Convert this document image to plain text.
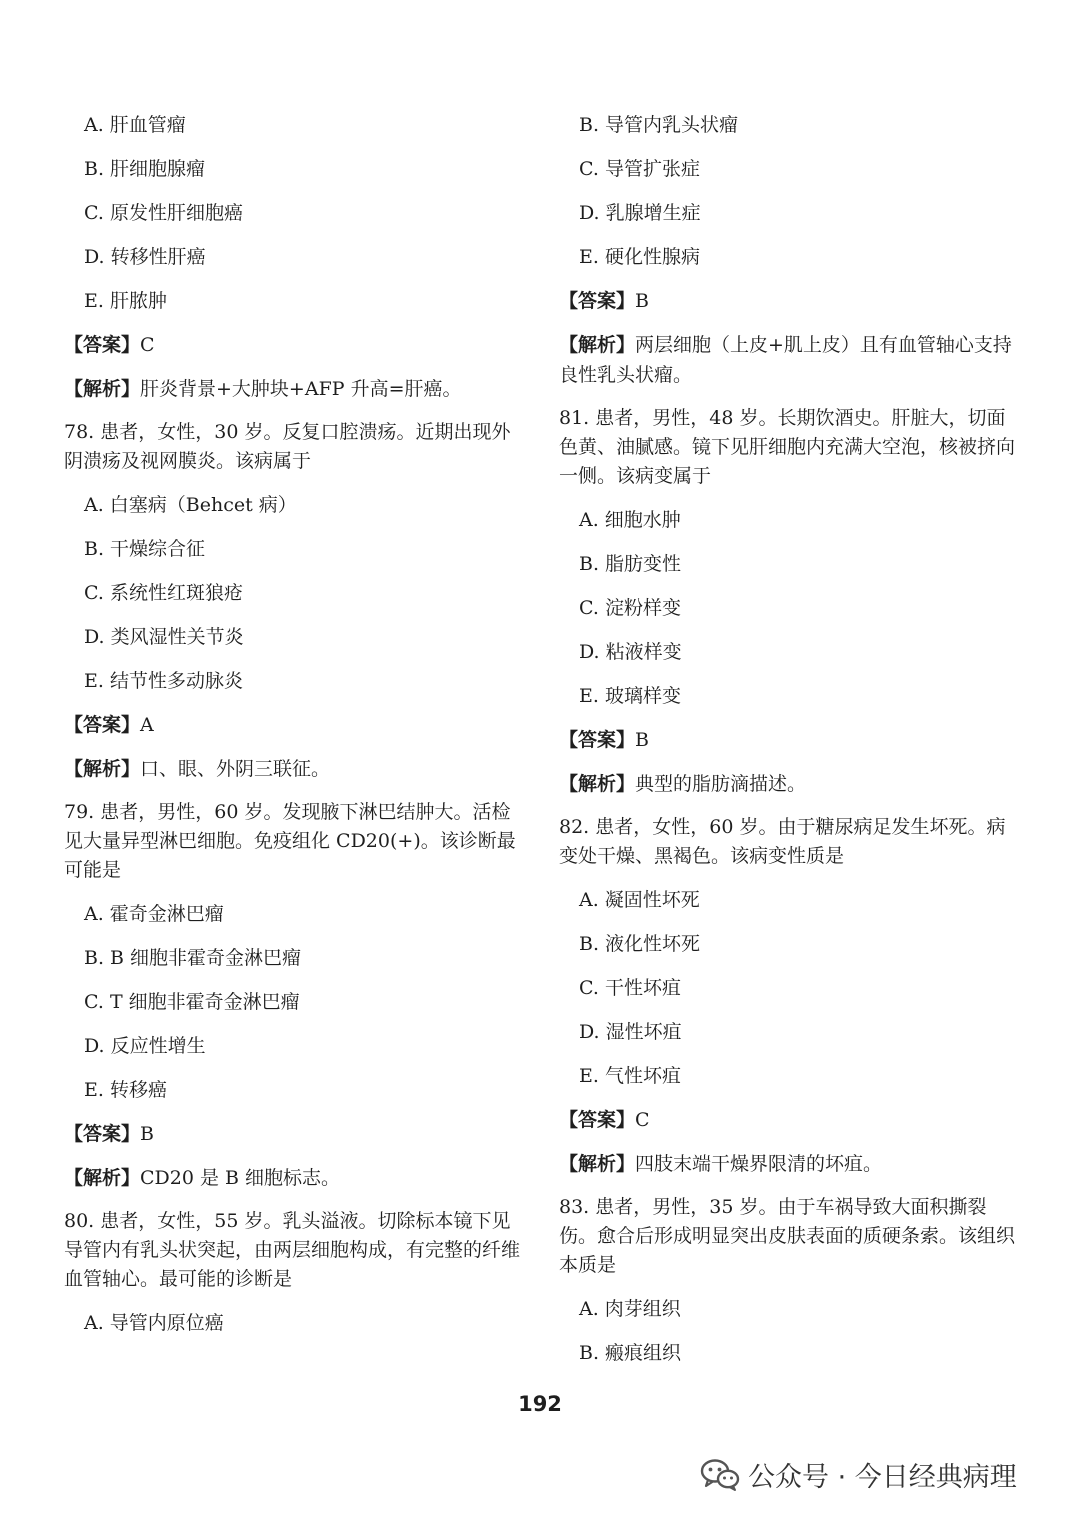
A. 肝血管瘤
B. 肝细胞腺瘤
C. 原发性肝细胞癌
D. 转移性肝癌
E. 肝脓肿
【答案】C
【解析】肝炎背景+大肿块+AFP 升高=肝癌。
78. 患者，女性，30 岁。反复口腔溃疡。近期出现外阴溃疡及视网膜炎。该病属于
A. 白塞病（Behcet 病）
B. 干燥综合征
C. 系统性红斑狼疮
D. 类风湿性关节炎
E. 结节性多动脉炎
【答案】A
【解析】口、眼、外阴三联征。
79. 患者，男性，60 岁。发现腋下淋巴结肿大。活检见大量异型淋巴细胞。免疫组化 CD20(+)。该诊断最可能是
A. 霍奇金淋巴瘤
B. B 细胞非霍奇金淋巴瘤
C. T 细胞非霍奇金淋巴瘤
D. 反应性增生
E. 转移癌
【答案】B
【解析】CD20 是 B 细胞标志。
80. 患者，女性，55 岁。乳头溢液。切除标本镜下见导管内有乳头状突起，由两层细胞构成，有完整的纤维血管轴心。最可能的诊断是
A. 导管内原位癌
B. 导管内乳头状瘤
C. 导管扩张症
D. 乳腺增生症
E. 硬化性腺病
【答案】B
【解析】两层细胞（上皮+肌上皮）且有血管轴心支持良性乳头状瘤。
81. 患者，男性，48 岁。长期饮酒史。肝脏大，切面色黄、油腻感。镜下见肝细胞内充满大空泡，核被挤向一侧。该病变属于
A. 细胞水肿
B. 脂肪变性
C. 淀粉样变
D. 粘液样变
E. 玻璃样变
【答案】B
【解析】典型的脂肪滴描述。
82. 患者，女性，60 岁。由于糖尿病足发生坏死。病变处干燥、黑褐色。该病变性质是
A. 凝固性坏死
B. 液化性坏死
C. 干性坏疽
D. 湿性坏疽
E. 气性坏疽
【答案】C
【解析】四肢末端干燥界限清的坏疽。
83. 患者，男性，35 岁。由于车祸导致大面积撕裂伤。愈合后形成明显突出皮肤表面的质硬条索。该组织本质是
A. 肉芽组织
B. 瘢痕组织
192
公众号 · 今日经典病理
